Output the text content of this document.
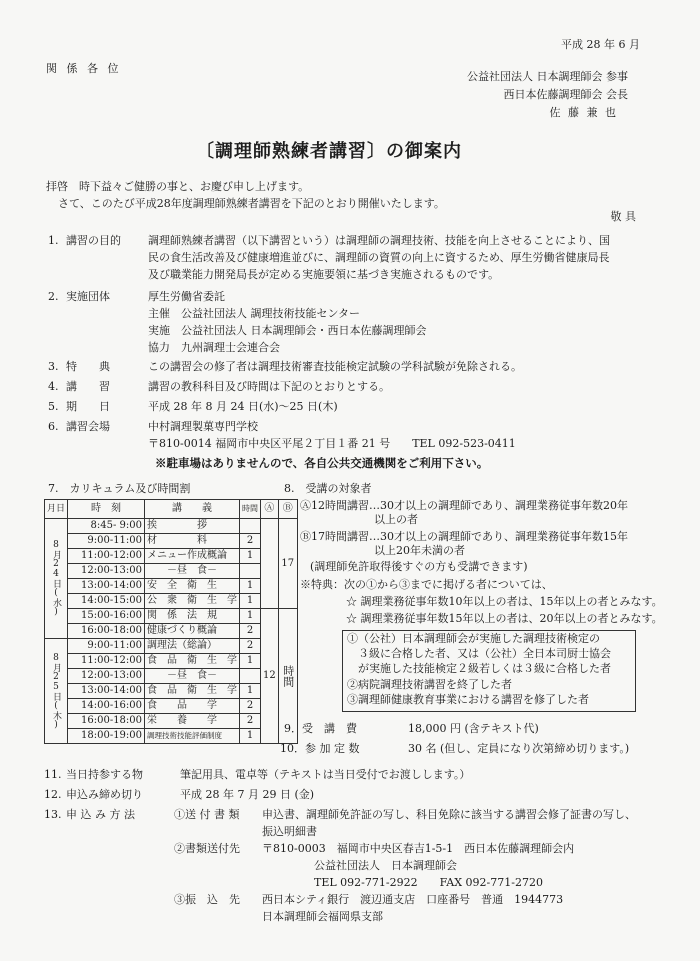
平成 28 年 6 月
関 係 各 位
公益社団法人 日本調理師会 参事
西日本佐藤調理師会 会長
佐 藤 兼 也
〔調理師熟練者講習〕の御案内
拝啓　時下益々ご健勝の事と、お慶び申し上げます。
さて、このたび平成28年度調理師熟練者講習を下記のとおり開催いたします。
敬 具
1. 講習の目的 調理師熟練者講習（以下講習という）は調理師の調理技術、技能を向上させることにより、国
民の食生活改善及び健康増進並びに、調理師の資質の向上に資するため、厚生労働省健康局長
及び職業能力開発局長が定める実施要領に基づき実施されるものです。
2. 実施団体	厚生労働省委託
主催　公益社団法人 調理技術技能センター
実施　公益社団法人 日本調理師会・西日本佐藤調理師会
協力　九州調理士会連合会
3. 特　　典	この講習会の修了者は調理技術審査技能検定試験の学科試験が免除される。
4. 講　　習	講習の教科科目及び時間は下記のとおりとする。
5. 期　　日	平成 28 年 8 月 24 日(水)～25 日(木)
6. 講習会場	中村調理製菓専門学校
〒810-0014 福岡市中央区平尾２丁目１番 21 号　　TEL 092-523-0411
※駐車場はありませんので、各自公共交通機関をご利用下さい。
7.　カリキュラム及び時間割
月日	時　刻	講　　義	時間	Ⓐ	Ⓑ
8月24日(水)	8:45- 9:00	挨　　　　拶			17
	9:00-11:00	材　　　　料	2		
	11:00-12:00	メニュー作成概論	1		
	12:00-13:00	－昼　食－			
	13:00-14:00	安　全　衛　生	1		
	14:00-15:00	公　衆　衛　生　学	1		
	15:00-16:00	関　係　法　規	1	12	時間
	16:00-18:00	健康づくり概論	2		
8月25日(木)	9:00-11:00	調理法（総論）	2		
	11:00-12:00	食　品　衛　生　学	1		
	12:00-13:00	－昼　食－			
	13:00-14:00	食　品　衛　生　学	1		
	14:00-16:00	食　　品　　学	2		
	16:00-18:00	栄　　養　　学	2		
	18:00-19:00	調理技術技能評価制度	1		
8.　受講の対象者
Ⓐ12時間講習…30才以上の調理師であり、調理業務従事年数20年
以上の者
Ⓑ17時間講習…30才以上の調理師であり、調理業務従事年数15年
以上20年未満の者
(調理師免許取得後すぐの方も受講できます)
※特典：次の①から③までに掲げる者については、
☆ 調理業務従事年数10年以上の者は、15年以上の者とみなす。
☆ 調理業務従事年数15年以上の者は、20年以上の者とみなす。
①（公社）日本調理師会が実施した調理技術検定の
　３級に合格した者、又は（公社）全日本司厨士協会
　が実施した技能検定２級若しくは３級に合格した者
②病院調理技術講習を終了した者
③調理師健康教育事業における講習を修了した者
9．受　講　費	18,000 円 (含テキスト代)
10．参 加 定 数	30 名 (但し、定員になり次第締め切ります。)
11. 当日持参する物	筆記用具、電卓等（テキストは当日受付でお渡しします。）
12. 申込み締め切り	平成 28 年 7 月 29 日 (金)
13. 申 込 み 方 法	①送 付 書 類 申込書、調理師免許証の写し、科目免除に該当する講習会修了証書の写し、
振込明細書
②書類送付先 〒810-0003　福岡市中央区春吉1-5-1　西日本佐藤調理師会内
公益社団法人　日本調理師会
TEL 092-771-2922　　FAX 092-771-2720
③振　込　先 西日本シティ銀行　渡辺通支店　口座番号　普通　1944773
日本調理師会福岡県支部
